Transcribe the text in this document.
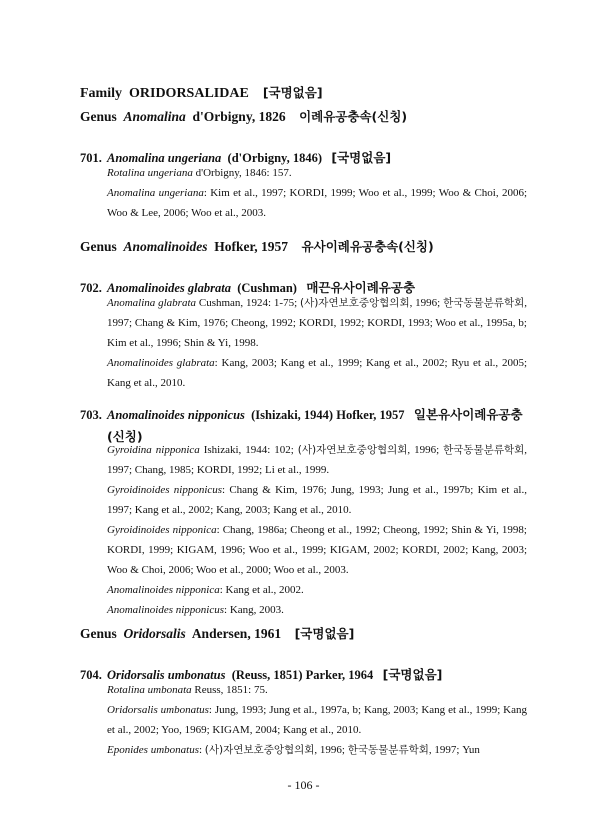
Family ORIDORSALIDAE [국명없음]
Genus Anomalina d'Orbigny, 1826 이례유공충속(신칭)
701. Anomalina ungeriana (d'Orbigny, 1846) [국명없음]
Rotalina ungeriana d'Orbigny, 1846: 157.
Anomalina ungeriana: Kim et al., 1997; KORDI, 1999; Woo et al., 1999; Woo & Choi, 2006; Woo & Lee, 2006; Woo et al., 2003.
Genus Anomalinoides Hofker, 1957 유사이례유공충속(신칭)
702. Anomalinoides glabrata (Cushman) 매끈유사이례유공충
Anomalina glabrata Cushman, 1924: 1-75; (사)자연보호중앙협의회, 1996; 한국동물분류학회, 1997; Chang & Kim, 1976; Cheong, 1992; KORDI, 1992; KORDI, 1993; Woo et al., 1995a, b; Kim et al., 1996; Shin & Yi, 1998.
Anomalinoides glabrata: Kang, 2003; Kang et al., 1999; Kang et al., 2002; Ryu et al., 2005; Kang et al., 2010.
703. Anomalinoides nipponicus (Ishizaki, 1944) Hofker, 1957 일본유사이례유공충
(신칭)
Gyroidina nipponica Ishizaki, 1944: 102; (사)자연보호중앙협의회, 1996; 한국동물분류학회, 1997; Chang, 1985; KORDI, 1992; Li et al., 1999.
Gyroidinoides nipponicus: Chang & Kim, 1976; Jung, 1993; Jung et al., 1997b; Kim et al., 1997; Kang et al., 2002; Kang, 2003; Kang et al., 2010.
Gyroidinoides nipponica: Chang, 1986a; Cheong et al., 1992; Cheong, 1992; Shin & Yi, 1998; KORDI, 1999; KIGAM, 1996; Woo et al., 1999; KIGAM, 2002; KORDI, 2002; Kang, 2003; Woo & Choi, 2006; Woo et al., 2000; Woo et al., 2003.
Anomalinoides nipponica: Kang et al., 2002.
Anomalinoides nipponicus: Kang, 2003.
Genus Oridorsalis Andersen, 1961 [국명없음]
704. Oridorsalis umbonatus (Reuss, 1851) Parker, 1964 [국명없음]
Rotalina umbonata Reuss, 1851: 75.
Oridorsalis umbonatus: Jung, 1993; Jung et al., 1997a, b; Kang, 2003; Kang et al., 1999; Kang et al., 2002; Yoo, 1969; KIGAM, 2004; Kang et al., 2010.
Eponides umbonatus: (사)자연보호중앙협의회, 1996; 한국동물분류학회, 1997; Yun
- 106 -
